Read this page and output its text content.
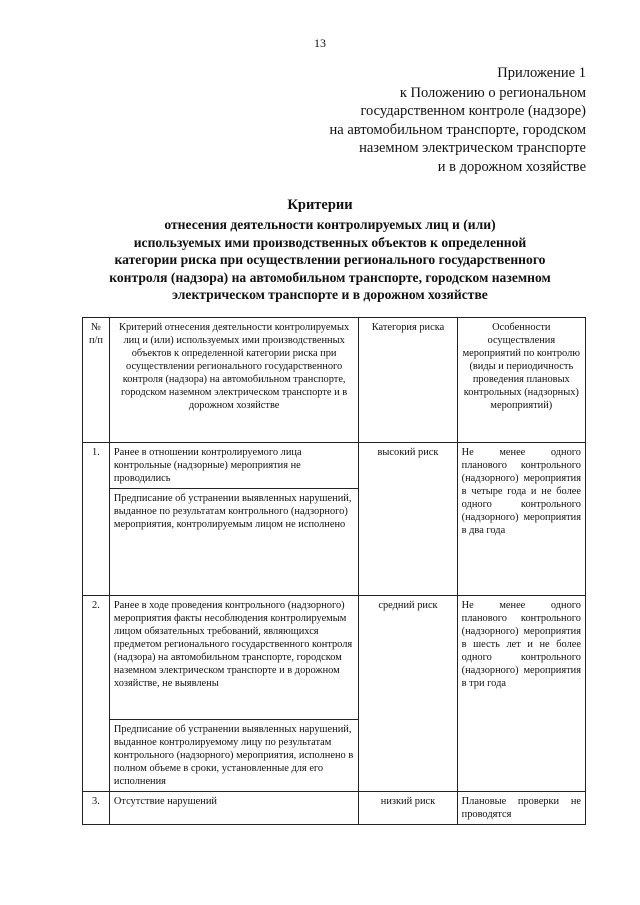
13
Приложение 1
к Положению о региональном
государственном контроле (надзоре)
на автомобильном транспорте, городском
наземном электрическом транспорте
и в дорожном хозяйстве
Критерии
отнесения деятельности контролируемых лиц и (или)
используемых ими производственных объектов к определенной
категории риска при осуществлении регионального государственного
контроля (надзора) на автомобильном транспорте, городском наземном
электрическом транспорте и в дорожном хозяйстве
№ п/п	Критерий отнесения деятельности контролируемых лиц и (или) используемых ими производственных объектов к определенной категории риска при осуществлении регионального государственного контроля (надзора) на автомобильном транспорте, городском наземном электрическом транспорте и в дорожном хозяйстве	Категория риска	Особенности осуществления мероприятий по контролю (виды и периодичность проведения плановых контрольных (надзорных) мероприятий)
1.	Ранее в отношении контролируемого лица контрольные (надзорные) мероприятия не проводились	высокий риск	Не менее одного планового контрольного (надзорного) мероприятия в четыре года и не более одного контрольного (надзорного) мероприятия в два года
	Предписание об устранении выявленных нарушений, выданное по результатам контрольного (надзорного) мероприятия, контролируемым лицом не исполнено		
2.	Ранее в ходе проведения контрольного (надзорного) мероприятия факты несоблюдения контролируемым лицом обязательных требований, являющихся предметом регионального государственного контроля (надзора) на автомобильном транспорте, городском наземном электрическом транспорте и в дорожном хозяйстве, не выявлены	средний риск	Не менее одного планового контрольного (надзорного) мероприятия в шесть лет и не более одного контрольного (надзорного) мероприятия в три года
	Предписание об устранении выявленных нарушений, выданное контролируемому лицу по результатам контрольного (надзорного) мероприятия, исполнено в полном объеме в сроки, установленные для его исполнения		
3.	Отсутствие нарушений	низкий риск	Плановые проверки не проводятся
